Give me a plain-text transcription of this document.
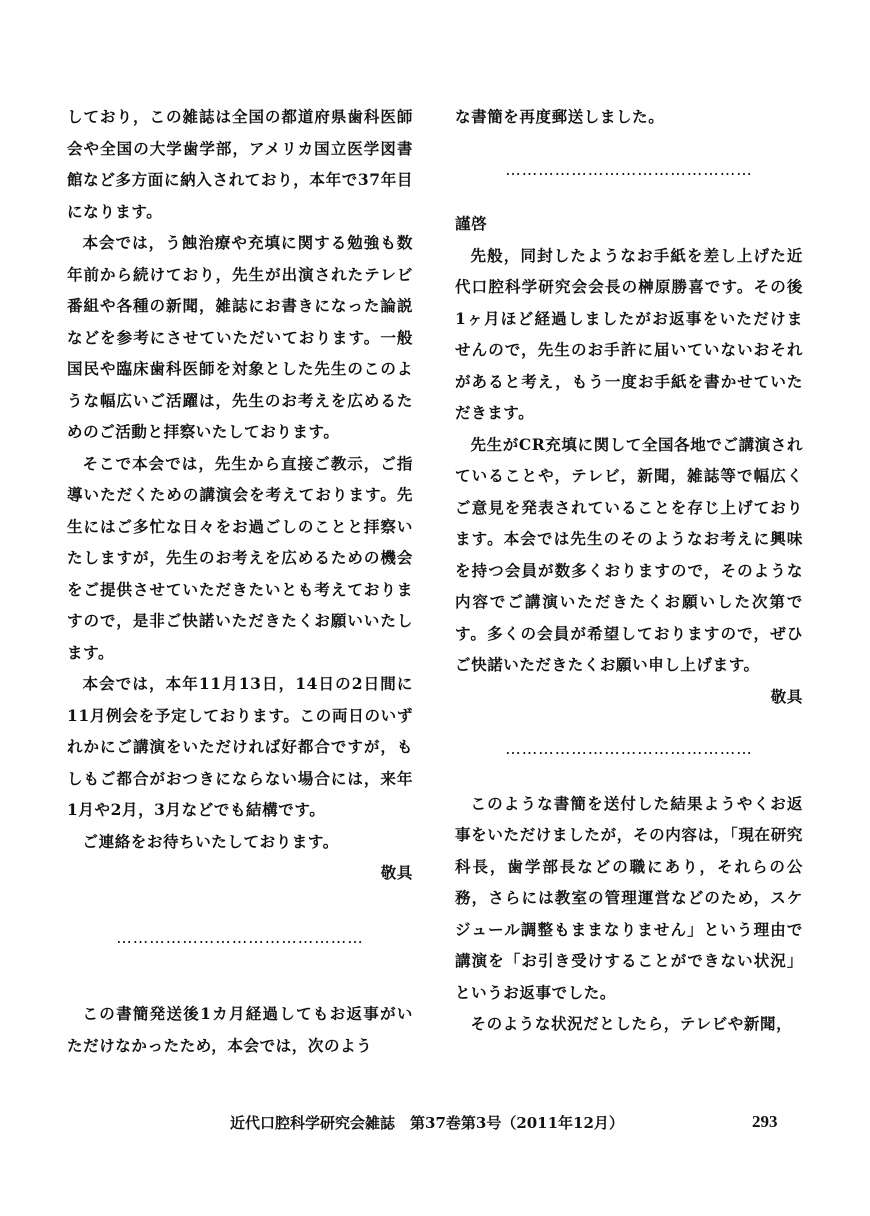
しており，この雑誌は全国の都道府県歯科医師会や全国の大学歯学部，アメリカ国立医学図書館など多方面に納入されており，本年で37年目になります。

本会では，う蝕治療や充填に関する勉強も数年前から続けており，先生が出演されたテレビ番組や各種の新聞，雑誌にお書きになった論説などを参考にさせていただいております。一般国民や臨床歯科医師を対象とした先生のこのような幅広いご活躍は，先生のお考えを広めるためのご活動と拝察いたしております。

そこで本会では，先生から直接ご教示，ご指導いただくための講演会を考えております。先生にはご多忙な日々をお過ごしのことと拝察いたしますが，先生のお考えを広めるための機会をご提供させていただきたいとも考えておりますので，是非ご快諾いただきたくお願いいたします。

本会では，本年11月13日，14日の2日間に11月例会を予定しております。この両日のいずれかにご講演をいただければ好都合ですが，もしもご都合がおつきにならない場合には，来年1月や2月，3月などでも結構です。

ご連絡をお待ちいたしております。

敬具
………………………………………

この書簡発送後1カ月経過してもお返事がいただけなかったため，本会では，次のよう

な書簡を再度郵送しました。

………………………………………
謹啓

先般，同封したようなお手紙を差し上げた近代口腔科学研究会会長の榊原勝喜です。その後1ヶ月ほど経過しましたがお返事をいただけませんので，先生のお手許に届いていないおそれがあると考え，もう一度お手紙を書かせていただきます。

先生がCR充填に関して全国各地でご講演されていることや，テレビ，新聞，雑誌等で幅広くご意見を発表されていることを存じ上げております。本会では先生のそのようなお考えに興味を持つ会員が数多くおりますので，そのような内容でご講演いただきたくお願いした次第です。多くの会員が希望しておりますので，ぜひご快諾いただきたくお願い申し上げます。

敬具
………………………………………

このような書簡を送付した結果ようやくお返事をいただけましたが，その内容は，「現在研究科長，歯学部長などの職にあり，それらの公務，さらには教室の管理運営などのため，スケジュール調整もままなりません」という理由で講演を「お引き受けすることができない状況」というお返事でした。

そのような状況だとしたら，テレビや新聞，

近代口腔科学研究会雑誌　第37巻第3号（2011年12月）	293
